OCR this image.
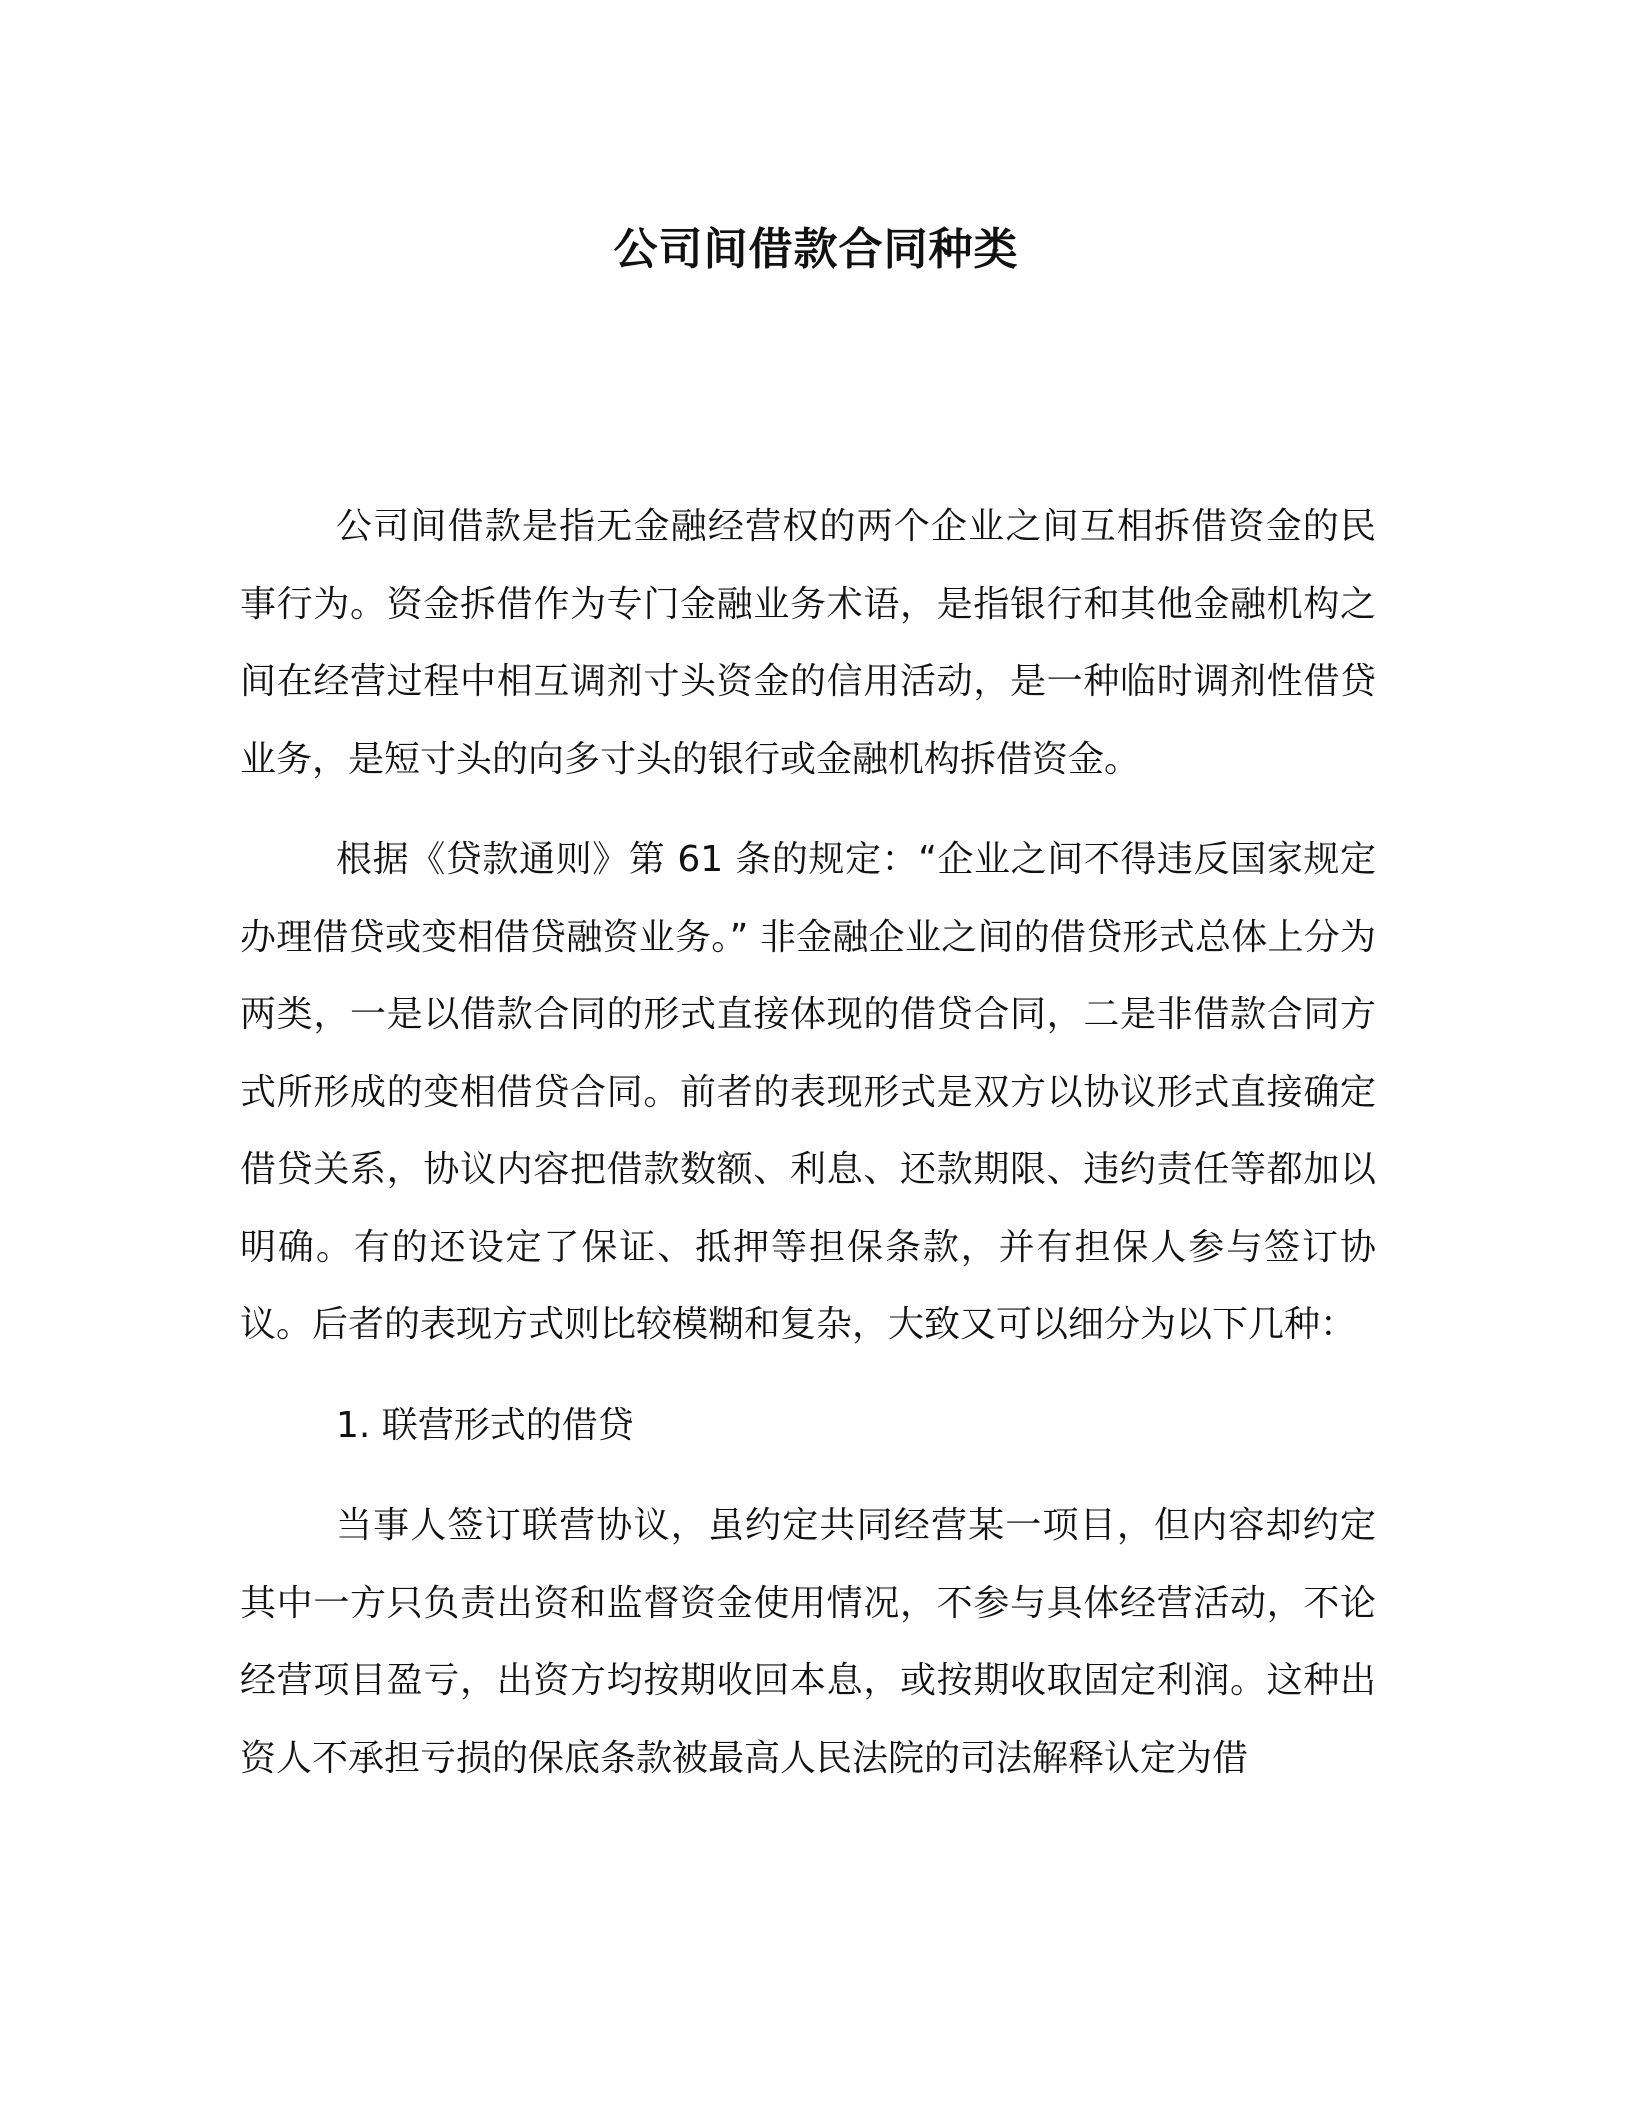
公司间借款合同种类

公司间借款是指无金融经营权的两个企业之间互相拆借资金的民事行为。资金拆借作为专门金融业务术语，是指银行和其他金融机构之间在经营过程中相互调剂寸头资金的信用活动，是一种临时调剂性借贷业务，是短寸头的向多寸头的银行或金融机构拆借资金。

根据《贷款通则》第 61 条的规定：“企业之间不得违反国家规定办理借贷或变相借贷融资业务。” 非金融企业之间的借贷形式总体上分为两类，一是以借款合同的形式直接体现的借贷合同，二是非借款合同方式所形成的变相借贷合同。前者的表现形式是双方以协议形式直接确定借贷关系，协议内容把借款数额、利息、还款期限、违约责任等都加以明确。有的还设定了保证、抵押等担保条款，并有担保人参与签订协议。后者的表现方式则比较模糊和复杂，大致又可以细分为以下几种：

1. 联营形式的借贷

当事人签订联营协议，虽约定共同经营某一项目，但内容却约定其中一方只负责出资和监督资金使用情况，不参与具体经营活动，不论经营项目盈亏，出资方均按期收回本息，或按期收取固定利润。这种出资人不承担亏损的保底条款被最高人民法院的司法解释认定为借
